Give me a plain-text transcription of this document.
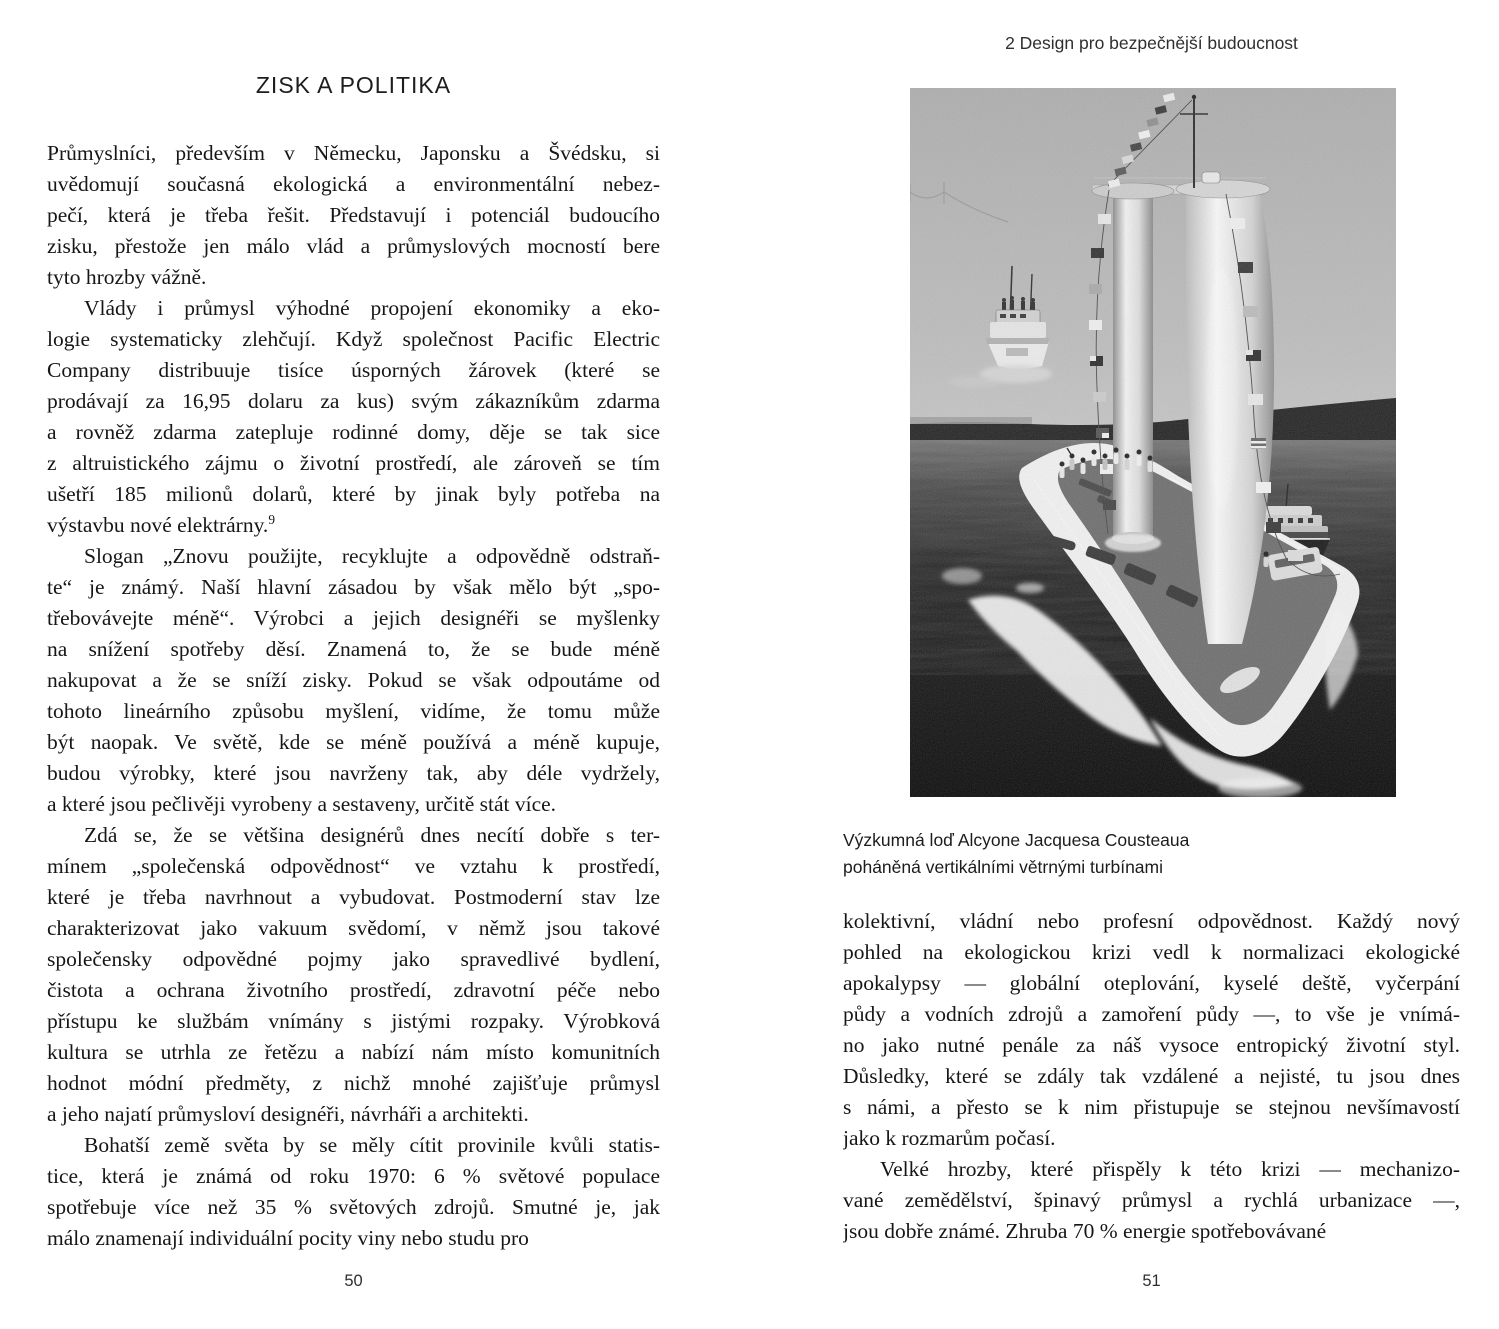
ZISK A POLITIKA

Průmyslníci, především v Německu, Japonsku a Švédsku, si
uvědomují současná ekologická a environmentální nebez-
pečí, která je třeba řešit. Představují i potenciál budoucího
zisku, přestože jen málo vlád a průmyslových mocností bere
tyto hrozby vážně.

Vlády i průmysl výhodné propojení ekonomiky a eko-
logie systematicky zlehčují. Když společnost Pacific Electric
Company distribuuje tisíce úsporných žárovek (které se
prodávají za 16,95 dolaru za kus) svým zákazníkům zdarma
a rovněž zdarma zatepluje rodinné domy, děje se tak sice
z altruistického zájmu o životní prostředí, ale zároveň se tím
ušetří 185 milionů dolarů, které by jinak byly potřeba na
výstavbu nové elektrárny.$^9$

Slogan „Znovu použijte, recyklujte a odpovědně odstraň-
te“ je známý. Naší hlavní zásadou by však mělo být „spo-
třebovávejte méně“. Výrobci a jejich designéři se myšlenky
na snížení spotřeby děsí. Znamená to, že se bude méně
nakupovat a že se sníží zisky. Pokud se však odpoutáme od
tohoto lineárního způsobu myšlení, vidíme, že tomu může
být naopak. Ve světě, kde se méně používá a méně kupuje,
budou výrobky, které jsou navrženy tak, aby déle vydržely,
a které jsou pečlivěji vyrobeny a sestaveny, určitě stát více.

Zdá se, že se většina designérů dnes necítí dobře s ter-
mínem „společenská odpovědnost“ ve vztahu k prostředí,
které je třeba navrhnout a vybudovat. Postmoderní stav lze
charakterizovat jako vakuum svědomí, v němž jsou takové
společensky odpovědné pojmy jako spravedlivé bydlení,
čistota a ochrana životního prostředí, zdravotní péče nebo
přístupu ke službám vnímány s jistými rozpaky. Výrobková
kultura se utrhla ze řetězu a nabízí nám místo komunitních
hodnot módní předměty, z nichž mnohé zajišťuje průmysl
a jeho najatí průmysloví designéři, návrháři a architekti.

Bohatší země světa by se měly cítit provinile kvůli statis-
tice, která je známá od roku 1970: 6 % světové populace
spotřebuje více než 35 % světových zdrojů. Smutné je, jak
málo znamenají individuální pocity viny nebo studu pro

50
2 Design pro bezpečnější budoucnost
Výzkumná loď Alcyone Jacquesa Cousteaua
poháněná vertikálními větrnými turbínami

kolektivní, vládní nebo profesní odpovědnost. Každý nový
pohled na ekologickou krizi vedl k normalizaci ekologické
apokalypsy — globální oteplování, kyselé deště, vyčerpání
půdy a vodních zdrojů a zamoření půdy —, to vše je vnímá-
no jako nutné penále za náš vysoce entropický životní styl.
Důsledky, které se zdály tak vzdálené a nejisté, tu jsou dnes
s námi, a přesto se k nim přistupuje se stejnou nevšímavostí
jako k rozmarům počasí.

Velké hrozby, které přispěly k této krizi — mechanizo-
vané zemědělství, špinavý průmysl a rychlá urbanizace —,
jsou dobře známé. Zhruba 70 % energie spotřebovávané

51
